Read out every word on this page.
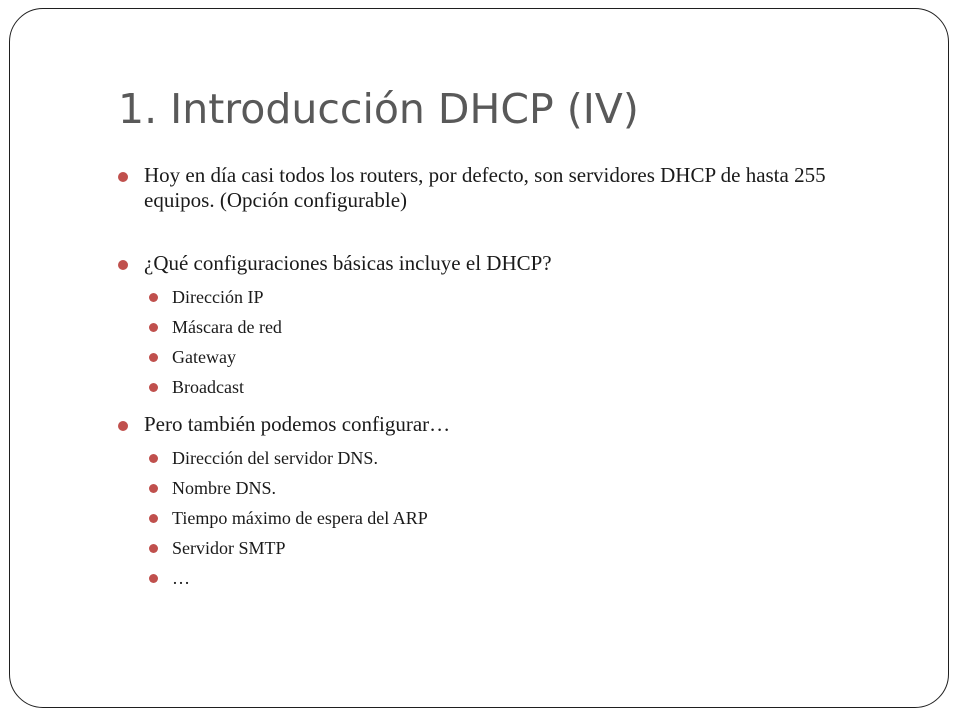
1. Introducción DHCP (IV)
Hoy en día casi todos los routers, por defecto, son servidores DHCP de hasta 255 equipos. (Opción configurable)
¿Qué configuraciones básicas incluye el DHCP?
Dirección IP
Máscara de red
Gateway
Broadcast
Pero también podemos configurar…
Dirección del servidor DNS.
Nombre DNS.
Tiempo máximo de espera del ARP
Servidor SMTP
…
